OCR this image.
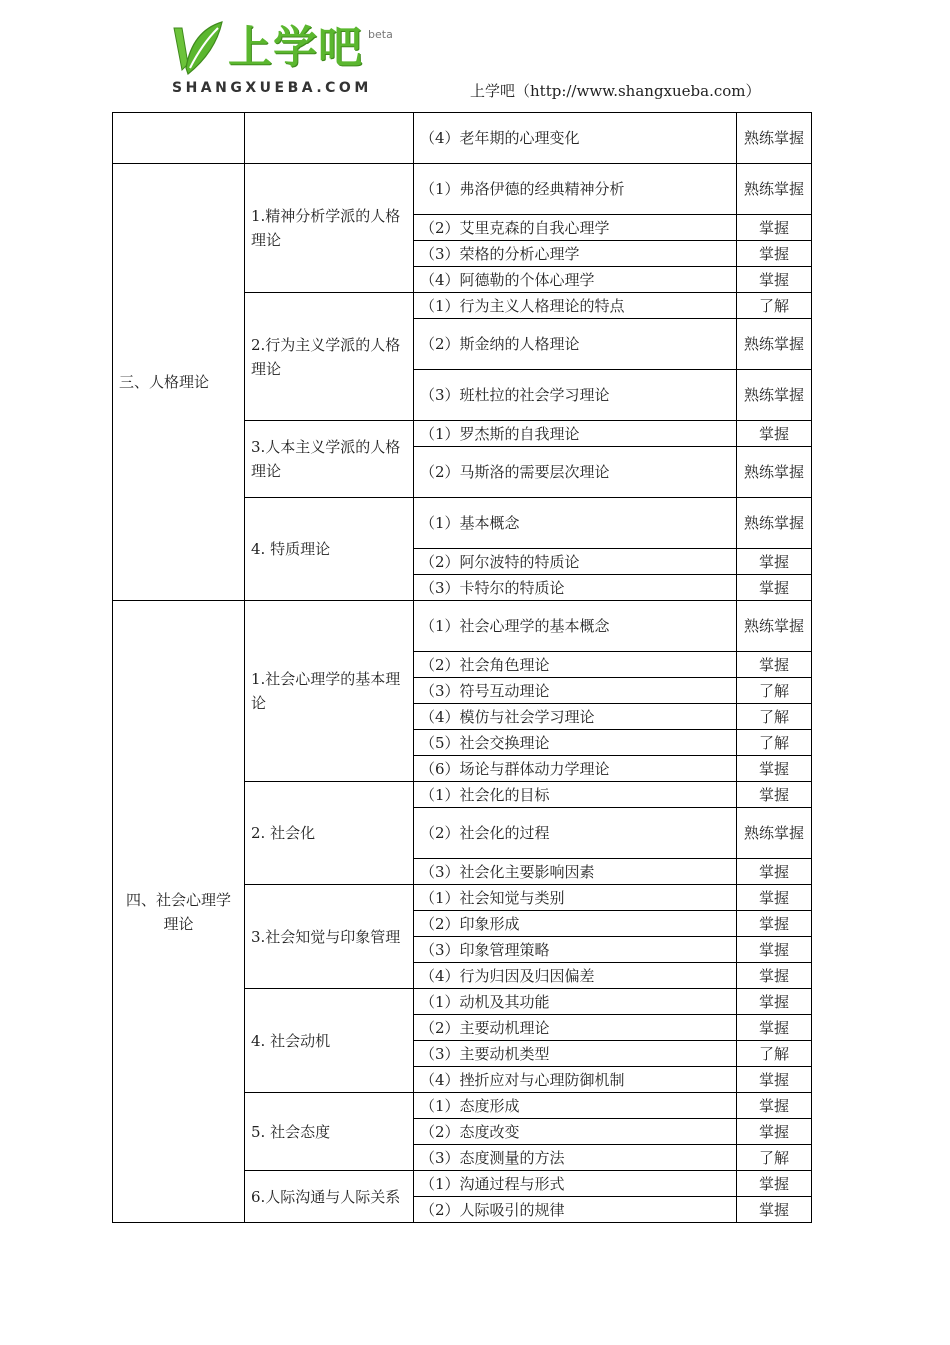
上学吧 beta
SHANGXUEBA.COM	上学吧（http://www.shangxueba.com）
		（4）老年期的心理变化	熟练掌握
三、人格理论	1.精神分析学派的人格理论	（1）弗洛伊德的经典精神分析	熟练掌握
		（2）艾里克森的自我心理学	掌握
		（3）荣格的分析心理学	掌握
		（4）阿德勒的个体心理学	掌握
	2.行为主义学派的人格理论	（1）行为主义人格理论的特点	了解
		（2）斯金纳的人格理论	熟练掌握
		（3）班杜拉的社会学习理论	熟练掌握
	3.人本主义学派的人格理论	（1）罗杰斯的自我理论	掌握
		（2）马斯洛的需要层次理论	熟练掌握
	4. 特质理论	（1）基本概念	熟练掌握
		（2）阿尔波特的特质论	掌握
		（3）卡特尔的特质论	掌握
四、社会心理学理论	1.社会心理学的基本理论	（1）社会心理学的基本概念	熟练掌握
		（2）社会角色理论	掌握
		（3）符号互动理论	了解
		（4）模仿与社会学习理论	了解
		（5）社会交换理论	了解
		（6）场论与群体动力学理论	掌握
	2. 社会化	（1）社会化的目标	掌握
		（2）社会化的过程	熟练掌握
		（3）社会化主要影响因素	掌握
	3.社会知觉与印象管理	（1）社会知觉与类别	掌握
		（2）印象形成	掌握
		（3）印象管理策略	掌握
		（4）行为归因及归因偏差	掌握
	4. 社会动机	（1）动机及其功能	掌握
		（2）主要动机理论	掌握
		（3）主要动机类型	了解
		（4）挫折应对与心理防御机制	掌握
	5. 社会态度	（1）态度形成	掌握
		（2）态度改变	掌握
		（3）态度测量的方法	了解
	6.人际沟通与人际关系	（1）沟通过程与形式	掌握
		（2）人际吸引的规律	掌握
